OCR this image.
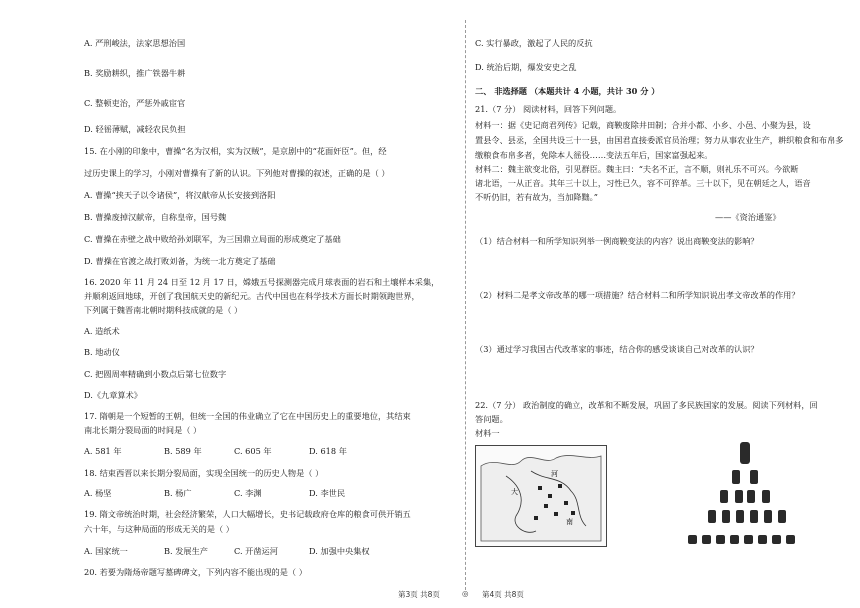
A. 严刑峻法，法家思想治国
B. 奖励耕织，推广铁器牛耕
C. 整顿吏治，严惩外戚宦官
D. 轻徭薄赋，减轻农民负担
15. 在小刚的印象中，曹操“名为汉相，实为汉贼”，是京剧中的“花面奸臣”。但，经
过历史课上的学习，小刚对曹操有了新的认识。下列他对曹操的叙述，正确的是（ ）
A. 曹操“挟天子以令诸侯”，将汉献帝从长安接到洛阳
B. 曹操废掉汉献帝，自称皇帝，国号魏
C. 曹操在赤壁之战中败给孙刘联军，为三国鼎立局面的形成奠定了基础
D. 曹操在官渡之战打败刘备，为统一北方奠定了基础
16. 2020 年 11 月 24 日至 12 月 17 日，嫦娥五号探测器完成月球表面的岩石和土壤样本采集，
并顺利返回地球，开创了我国航天史的新纪元。古代中国也在科学技术方面长时期领跑世界，
下列属于魏晋南北朝时期科技成就的是（ ）
A. 造纸术
B. 地动仪
C. 把圆周率精确到小数点后第七位数字
D.《九章算术》
17. 隋朝是一个短暂的王朝，但统一全国的伟业确立了它在中国历史上的重要地位，其结束
南北长期分裂局面的时间是（ ）
A. 581 年	B. 589 年	C. 605 年	D. 618 年
18. 结束西晋以来长期分裂局面，实现全国统一的历史人物是（ ）
A. 杨坚	B. 杨广	C. 李渊	D. 李世民
19. 隋文帝统治时期，社会经济繁荣，人口大幅增长，史书记载政府仓库的粮食可供开销五
六十年，与这种局面的形成无关的是（ ）
A. 国家统一	B. 发展生产	C. 开凿运河	D. 加强中央集权
20. 若要为隋炀帝题写墓碑碑文，下列内容不能出现的是（ ）
C. 实行暴政，激起了人民的反抗
D. 统治后期，爆发安史之乱
二、 非选择题 （本题共计 4 小题，共计 30 分 ）
21.（7 分） 阅读材料，回答下列问题。
材料一：据《史记商君列传》记载，商鞅废除井田制；合并小都、小乡、小邑、小聚为县，设
置县令、县丞，全国共设三十一县，由国君直接委派官员治理；努力从事农业生产，耕织粮食和布帛多
缴粮食布帛多者，免除本人徭役……变法五年后，国家富强起来。
材料二：魏主欲变北俗，引见群臣。魏主曰：“夫名不正，言不顺，则礼乐不可兴。今欲断
诸北语，一从正音。其年三十以上，习性已久，容不可猝革。三十以下，见在朝廷之人，语音
不听仍旧，若有故为，当加降黜。”
——《资治通鉴》
（1）结合材料一和所学知识列举一例商鞅变法的内容？说出商鞅变法的影响？
（2）材料二是孝文帝改革的哪一项措施？结合材料二和所学知识说出孝文帝改革的作用？
（3）通过学习我国古代改革家的事迹，结合你的感受谈谈自己对改革的认识？
22.（7 分） 政治制度的确立，改革和不断发展，巩固了多民族国家的发展。阅读下列材料，回
答问题。
材料一
大
河
南
第3页 共8页	◎ 第4页 共8页
